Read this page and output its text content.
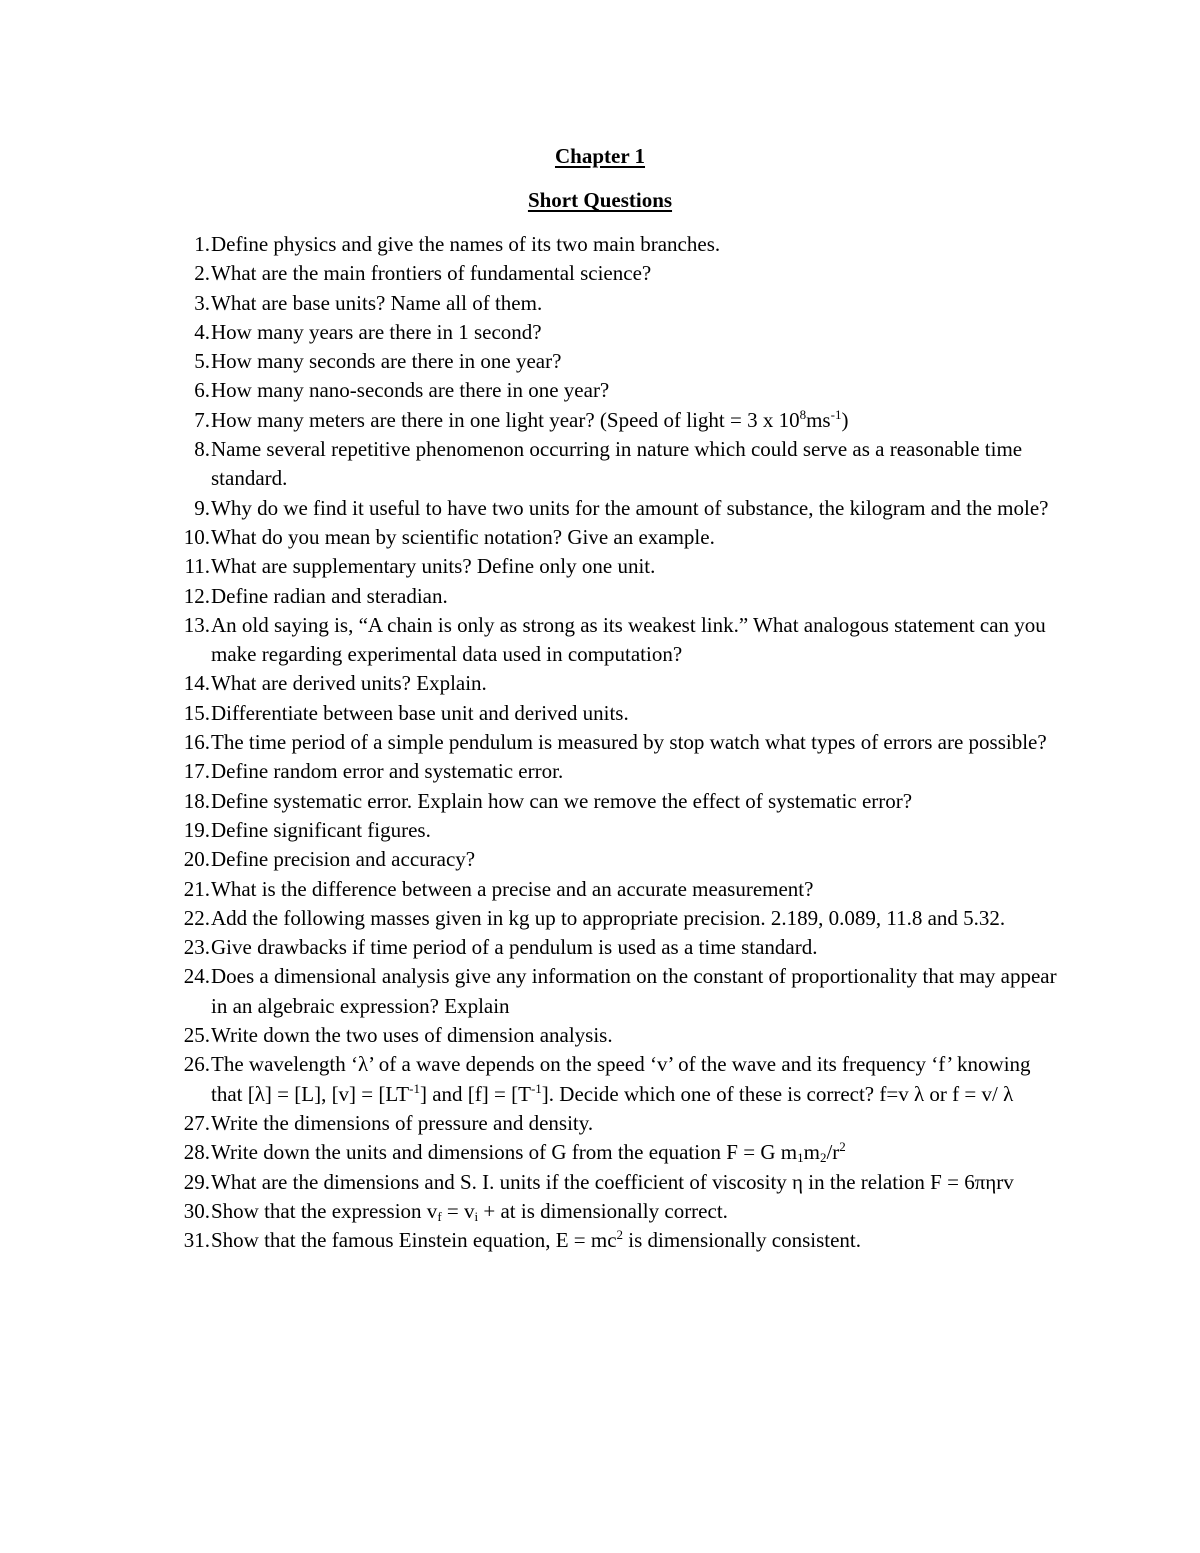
Chapter 1
Short Questions
1. Define physics and give the names of its two main branches.
2. What are the main frontiers of fundamental science?
3. What are base units? Name all of them.
4. How many years are there in 1 second?
5. How many seconds are there in one year?
6. How many nano-seconds are there in one year?
7. How many meters are there in one light year? (Speed of light = 3 x $10^8ms^{-1}$)
8. Name several repetitive phenomenon occurring in nature which could serve as a reasonable time standard.
9. Why do we find it useful to have two units for the amount of substance, the kilogram and the mole?
10. What do you mean by scientific notation? Give an example.
11. What are supplementary units? Define only one unit.
12. Define radian and steradian.
13. An old saying is, “A chain is only as strong as its weakest link.” What analogous statement can you make regarding experimental data used in computation?
14. What are derived units? Explain.
15. Differentiate between base unit and derived units.
16. The time period of a simple pendulum is measured by stop watch what types of errors are possible?
17. Define random error and systematic error.
18. Define systematic error. Explain how can we remove the effect of systematic error?
19. Define significant figures.
20. Define precision and accuracy?
21. What is the difference between a precise and an accurate measurement?
22. Add the following masses given in kg up to appropriate precision. 2.189, 0.089, 11.8 and 5.32.
23. Give drawbacks if time period of a pendulum is used as a time standard.
24. Does a dimensional analysis give any information on the constant of proportionality that may appear in an algebraic expression? Explain
25. Write down the two uses of dimension analysis.
26. The wavelength ‘λ’ of a wave depends on the speed ‘v’ of the wave and its frequency ‘f’ knowing that [λ] = [L], $[v] = [LT^{-1}]$ and $[f] = [T^{-1}]$. Decide which one of these is correct? f=v λ or f = v/ λ
27. Write the dimensions of pressure and density.
28. Write down the units and dimensions of G from the equation F = G $m_1m_2/r^2$
29. What are the dimensions and S. I. units if the coefficient of viscosity η in the relation F = 6πηrv
30. Show that the expression $v_f = v_i$ + at is dimensionally correct.
31. Show that the famous Einstein equation, $E = mc^2$ is dimensionally consistent.
